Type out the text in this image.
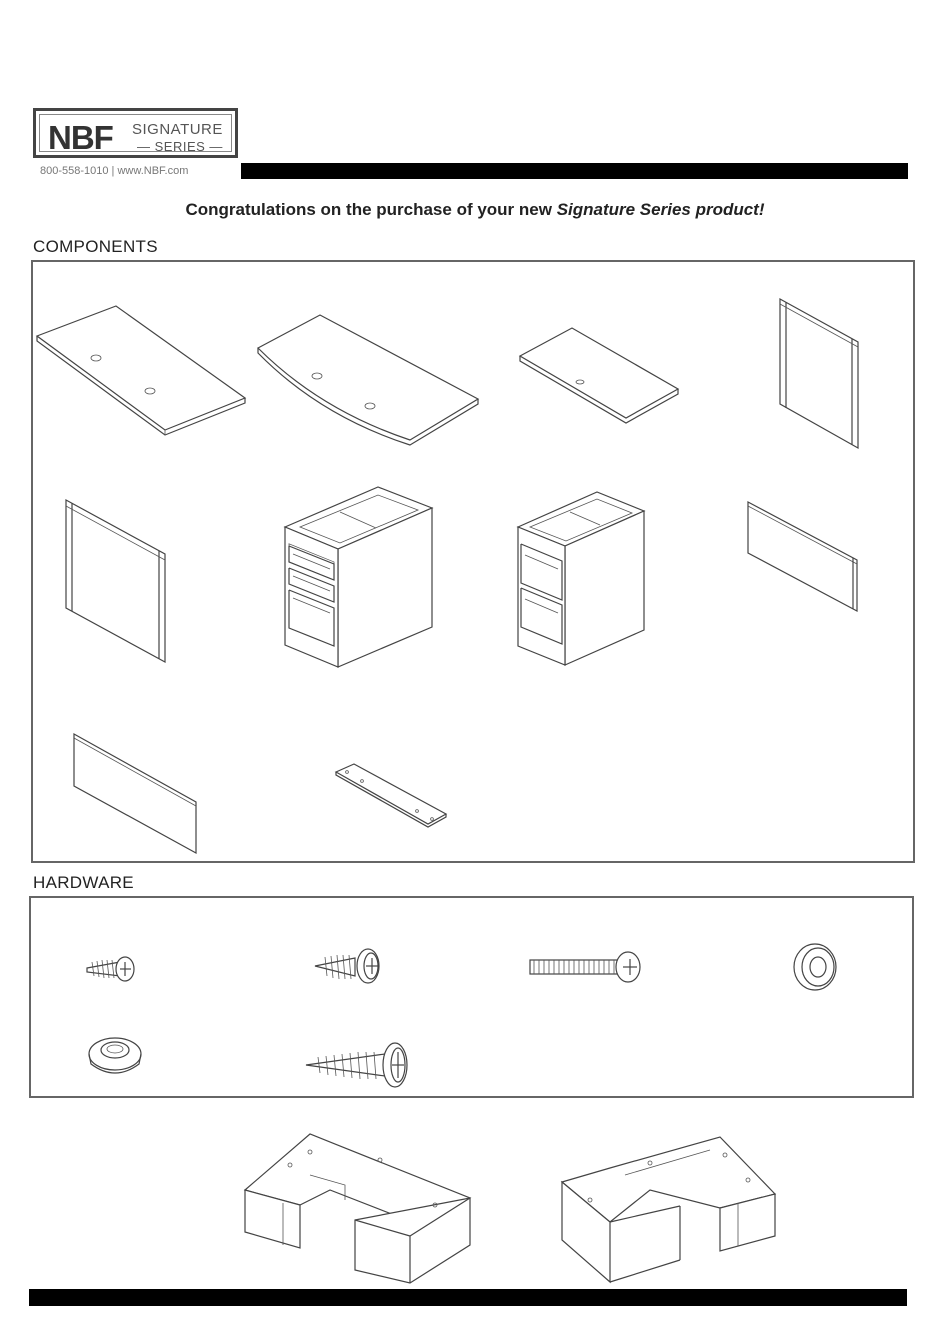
NBF SIGNATURE
— SERIES —
800-558-1010 | www.NBF.com
Congratulations on the purchase of your new Signature Series product!
COMPONENTS
HARDWARE
